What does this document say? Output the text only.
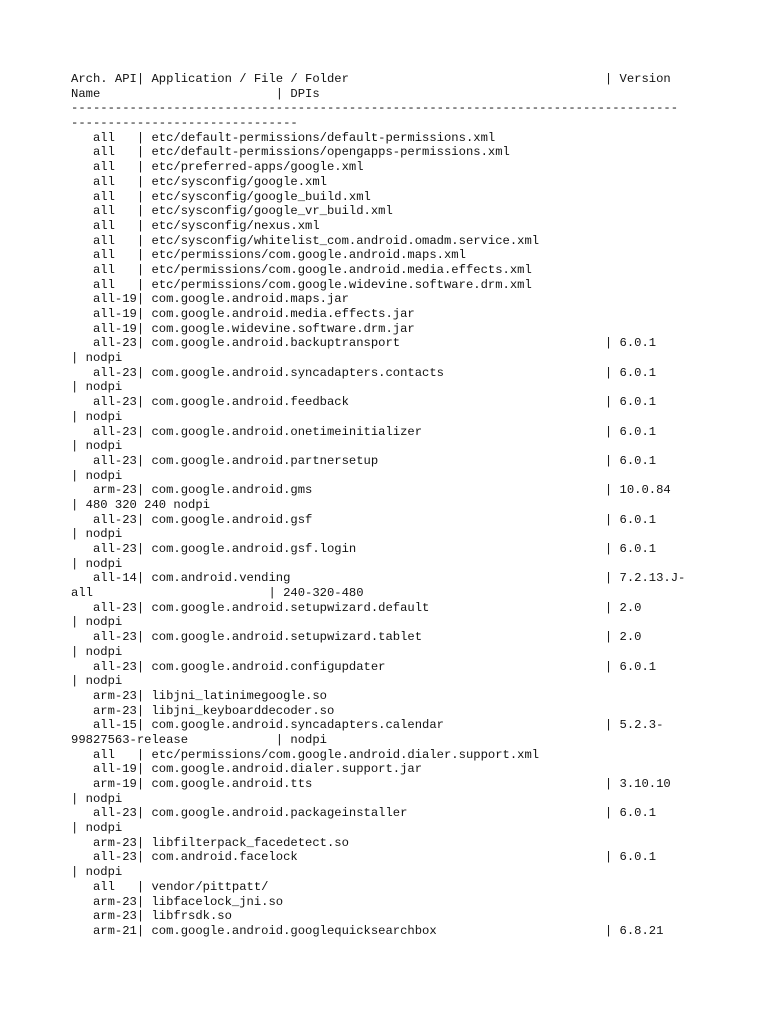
Arch. API| Application / File / Folder                                   | Version
Name                        | DPIs
-----------------------------------------------------------------------------------
-------------------------------
all   | etc/default-permissions/default-permissions.xml
all   | etc/default-permissions/opengapps-permissions.xml
all   | etc/preferred-apps/google.xml
all   | etc/sysconfig/google.xml
all   | etc/sysconfig/google_build.xml
all   | etc/sysconfig/google_vr_build.xml
all   | etc/sysconfig/nexus.xml
all   | etc/sysconfig/whitelist_com.android.omadm.service.xml
all   | etc/permissions/com.google.android.maps.xml
all   | etc/permissions/com.google.android.media.effects.xml
all   | etc/permissions/com.google.widevine.software.drm.xml
all-19| com.google.android.maps.jar
all-19| com.google.android.media.effects.jar
all-19| com.google.widevine.software.drm.jar
all-23| com.google.android.backuptransport                            | 6.0.1
| nodpi
all-23| com.google.android.syncadapters.contacts                      | 6.0.1
| nodpi
all-23| com.google.android.feedback                                   | 6.0.1
| nodpi
all-23| com.google.android.onetimeinitializer                         | 6.0.1
| nodpi
all-23| com.google.android.partnersetup                               | 6.0.1
| nodpi
arm-23| com.google.android.gms                                        | 10.0.84
| 480 320 240 nodpi
all-23| com.google.android.gsf                                        | 6.0.1
| nodpi
all-23| com.google.android.gsf.login                                  | 6.0.1
| nodpi
all-14| com.android.vending                                           | 7.2.13.J-
all                        | 240-320-480
all-23| com.google.android.setupwizard.default                        | 2.0
| nodpi
all-23| com.google.android.setupwizard.tablet                         | 2.0
| nodpi
all-23| com.google.android.configupdater                              | 6.0.1
| nodpi
arm-23| libjni_latinimegoogle.so
arm-23| libjni_keyboarddecoder.so
all-15| com.google.android.syncadapters.calendar                      | 5.2.3-
99827563-release            | nodpi
all   | etc/permissions/com.google.android.dialer.support.xml
all-19| com.google.android.dialer.support.jar
arm-19| com.google.android.tts                                        | 3.10.10
| nodpi
all-23| com.google.android.packageinstaller                           | 6.0.1
| nodpi
arm-23| libfilterpack_facedetect.so
all-23| com.android.facelock                                          | 6.0.1
| nodpi
all   | vendor/pittpatt/
arm-23| libfacelock_jni.so
arm-23| libfrsdk.so
arm-21| com.google.android.googlequicksearchbox                       | 6.8.21
